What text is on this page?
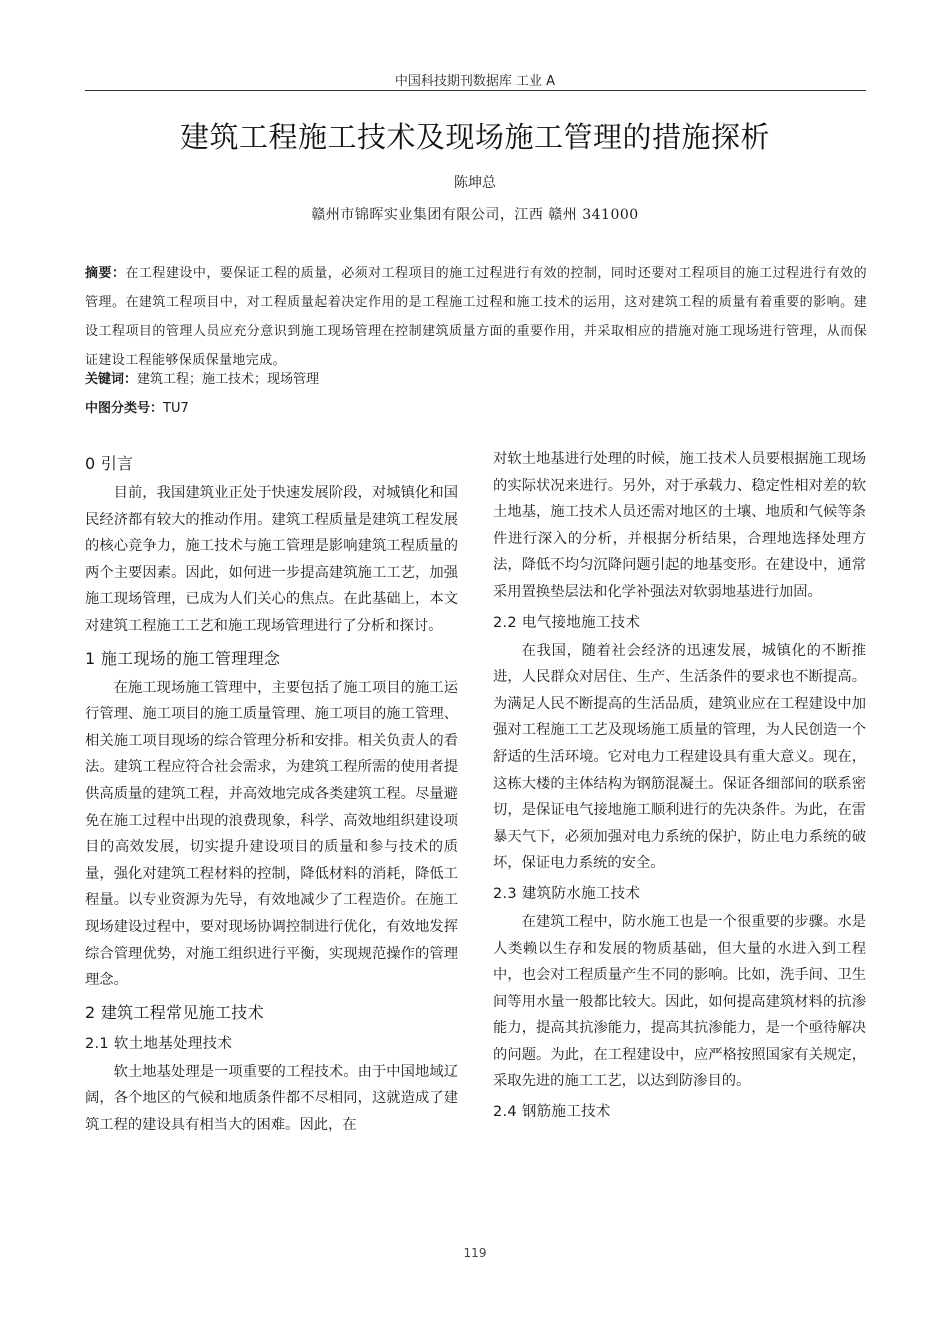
中国科技期刊数据库 工业 A
建筑工程施工技术及现场施工管理的措施探析
陈坤总
赣州市锦晖实业集团有限公司，江西 赣州 341000
摘要：在工程建设中，要保证工程的质量，必须对工程项目的施工过程进行有效的控制，同时还要对工程项目的施工过程进行有效的管理。在建筑工程项目中，对工程质量起着决定作用的是工程施工过程和施工技术的运用，这对建筑工程的质量有着重要的影响。建设工程项目的管理人员应充分意识到施工现场管理在控制建筑质量方面的重要作用，并采取相应的措施对施工现场进行管理，从而保证建设工程能够保质保量地完成。
关键词：建筑工程；施工技术；现场管理
中图分类号：TU7
0 引言

目前，我国建筑业正处于快速发展阶段，对城镇化和国民经济都有较大的推动作用。建筑工程质量是建筑工程发展的核心竞争力，施工技术与施工管理是影响建筑工程质量的两个主要因素。因此，如何进一步提高建筑施工工艺，加强施工现场管理，已成为人们关心的焦点。在此基础上，本文对建筑工程施工工艺和施工现场管理进行了分析和探讨。

1 施工现场的施工管理理念

在施工现场施工管理中，主要包括了施工项目的施工运行管理、施工项目的施工质量管理、施工项目的施工管理、相关施工项目现场的综合管理分析和安排。相关负责人的看法。建筑工程应符合社会需求，为建筑工程所需的使用者提供高质量的建筑工程，并高效地完成各类建筑工程。尽量避免在施工过程中出现的浪费现象，科学、高效地组织建设项目的高效发展，切实提升建设项目的质量和参与技术的质量，强化对建筑工程材料的控制，降低材料的消耗，降低工程量。以专业资源为先导，有效地减少了工程造价。在施工现场建设过程中，要对现场协调控制进行优化，有效地发挥综合管理优势，对施工组织进行平衡，实现规范操作的管理理念。

2 建筑工程常见施工技术
2.1 软土地基处理技术

软土地基处理是一项重要的工程技术。由于中国地域辽阔，各个地区的气候和地质条件都不尽相同，这就造成了建筑工程的建设具有相当大的困难。因此，在

对软土地基进行处理的时候，施工技术人员要根据施工现场的实际状况来进行。另外，对于承载力、稳定性相对差的软土地基，施工技术人员还需对地区的土壤、地质和气候等条件进行深入的分析，并根据分析结果，合理地选择处理方法，降低不均匀沉降问题引起的地基变形。在建设中，通常采用置换垫层法和化学补强法对软弱地基进行加固。

2.2 电气接地施工技术

在我国，随着社会经济的迅速发展，城镇化的不断推进，人民群众对居住、生产、生活条件的要求也不断提高。为满足人民不断提高的生活品质，建筑业应在工程建设中加强对工程施工工艺及现场施工质量的管理，为人民创造一个舒适的生活环境。它对电力工程建设具有重大意义。现在，这栋大楼的主体结构为钢筋混凝土。保证各细部间的联系密切，是保证电气接地施工顺利进行的先决条件。为此，在雷暴天气下，必须加强对电力系统的保护，防止电力系统的破坏，保证电力系统的安全。

2.3 建筑防水施工技术

在建筑工程中，防水施工也是一个很重要的步骤。水是人类赖以生存和发展的物质基础，但大量的水进入到工程中，也会对工程质量产生不同的影响。比如，洗手间、卫生间等用水量一般都比较大。因此，如何提高建筑材料的抗渗能力，提高其抗渗能力，提高其抗渗能力，是一个亟待解决的问题。为此，在工程建设中，应严格按照国家有关规定，采取先进的施工工艺，以达到防渗目的。

2.4 钢筋施工技术
119
